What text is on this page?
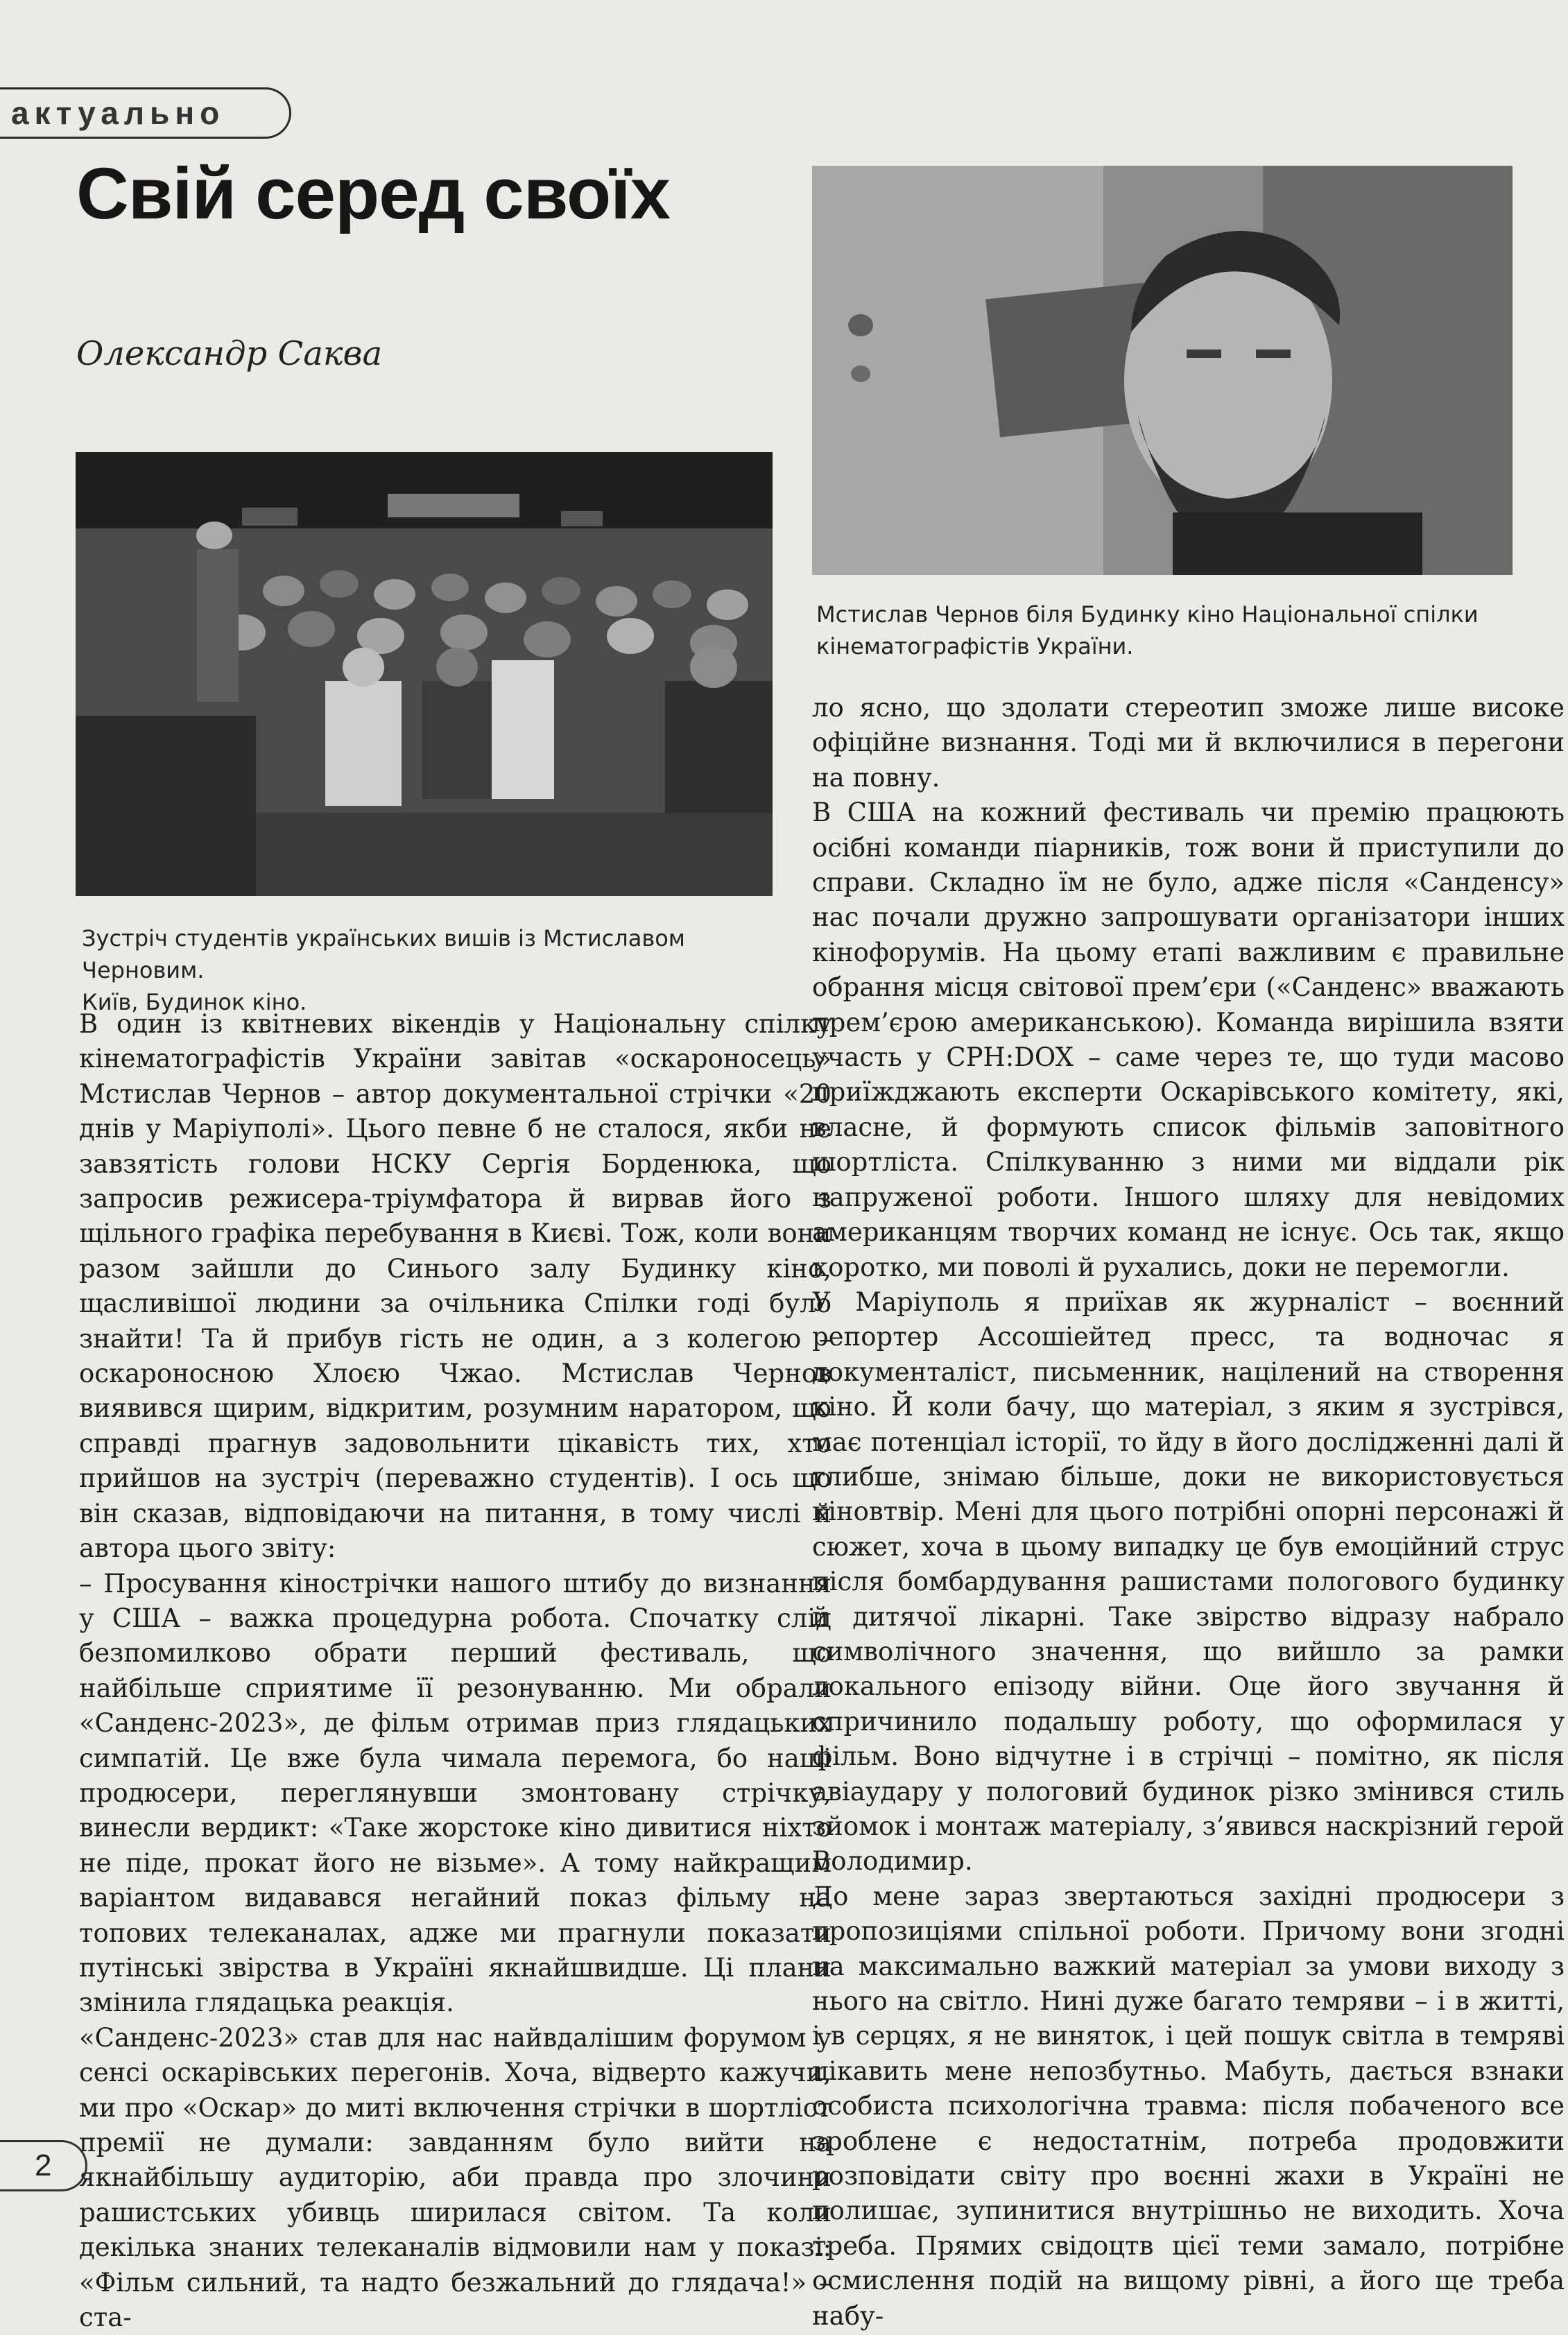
актуально
Свій серед своїх
Олександр Саква
Зустріч студентів українських вишів із Мстиславом Черновим.
Київ, Будинок кіно.
Мстислав Чернов біля Будинку кіно Національної спілки
кінематографістів України.

В один із квітневих вікендів у Національну спілку кінематографістів України завітав «оскароносець» Мстислав Чернов – автор документальної стрічки «20 днів у Маріуполі». Цього певне б не сталося, якби не завзятість голови НСКУ Сергія Борденюка, що запросив режисера-тріумфатора й вирвав його з щільного графіка перебування в Києві. Тож, коли вони разом зайшли до Синього залу Будинку кіно, щасливішої людини за очільника Спілки годі було знайти! Та й прибув гість не один, а з колегою – оскароносною Хлоєю Чжао. Мстислав Чернов виявився щирим, відкритим, розумним наратором, що справді прагнув задовольнити цікавість тих, хто прийшов на зустріч (переважно студентів). І ось що він сказав, відповідаючи на питання, в тому числі й автора цього звіту:

– Просування кінострічки нашого штибу до визнання у США – важка процедурна робота. Спочатку слід безпомилково обрати перший фестиваль, що найбільше сприятиме її резонуванню. Ми обрали «Санденс-2023», де фільм отримав приз глядацьких симпатій. Це вже була чимала перемога, бо наші продюсери, переглянувши змонтовану стрічку, винесли вердикт: «Таке жорстоке кіно дивитися ніхто не піде, прокат його не візьме». А тому найкращим варіантом видавався негайний показ фільму на топових телеканалах, адже ми прагнули показати путінські звірства в Україні якнайшвидше. Ці плани змінила глядацька реакція.

«Санденс-2023» став для нас найвдалішим форумом у сенсі оскарівських перегонів. Хоча, відверто кажучи, ми про «Оскар» до миті включення стрічки в шортліст премії не думали: завданням було вийти на якнайбільшу аудиторію, аби правда про злочини рашистських убивць ширилася світом. Та коли декілька знаних телеканалів відмовили нам у показі: «Фільм сильний, та надто безжальний до глядача!» – ста-

ло ясно, що здолати стереотип зможе лише високе офіційне визнання. Тоді ми й включилися в перегони на повну.

В США на кожний фестиваль чи премію працюють осібні команди піарників, тож вони й приступили до справи. Складно їм не було, адже після «Санденсу» нас почали дружно запрошувати організатори інших кінофорумів. На цьому етапі важливим є правильне обрання місця світової прем’єри («Санденс» вважають прем’єрою американською). Команда вирішила взяти участь у CPH:DOX – саме через те, що туди масово приїжджають експерти Оскарівського комітету, які, власне, й формують список фільмів заповітного шортліста. Спілкуванню з ними ми віддали рік напруженої роботи. Іншого шляху для невідомих американцям творчих команд не існує. Ось так, якщо коротко, ми поволі й рухались, доки не перемогли.

У Маріуполь я приїхав як журналіст – воєнний репортер Ассошіейтед пресс, та водночас я документаліст, письменник, націлений на створення кіно. Й коли бачу, що матеріал, з яким я зустрівся, має потенціал історії, то йду в його дослідженні далі й глибше, знімаю більше, доки не використовується кіновтвір. Мені для цього потрібні опорні персонажі й сюжет, хоча в цьому випадку це був емоційний струс після бомбардування рашистами пологового будинку й дитячої лікарні. Таке звірство відразу набрало символічного значення, що вийшло за рамки локального епізоду війни. Оце його звучання й спричинило подальшу роботу, що оформилася у фільм. Воно відчутне і в стрічці – помітно, як після авіаудару у пологовий будинок різко змінився стиль зйомок і монтаж матеріалу, з’явився наскрізний герой Володимир.

До мене зараз звертаються західні продюсери з пропозиціями спільної роботи. Причому вони згодні на максимально важкий матеріал за умови виходу з нього на світло. Нині дуже багато темряви – і в житті, і в серцях, я не виняток, і цей пошук світла в темряві цікавить мене непозбутньо. Мабуть, дається взнаки особиста психологічна травма: після побаченого все зроблене є недостатнім, потреба продовжити розповідати світу про воєнні жахи в Україні не полишає, зупинитися внутрішньо не виходить. Хоча треба. Прямих свідоцтв цієї теми замало, потрібне осмислення подій на вищому рівні, а його ще треба набу-

2
